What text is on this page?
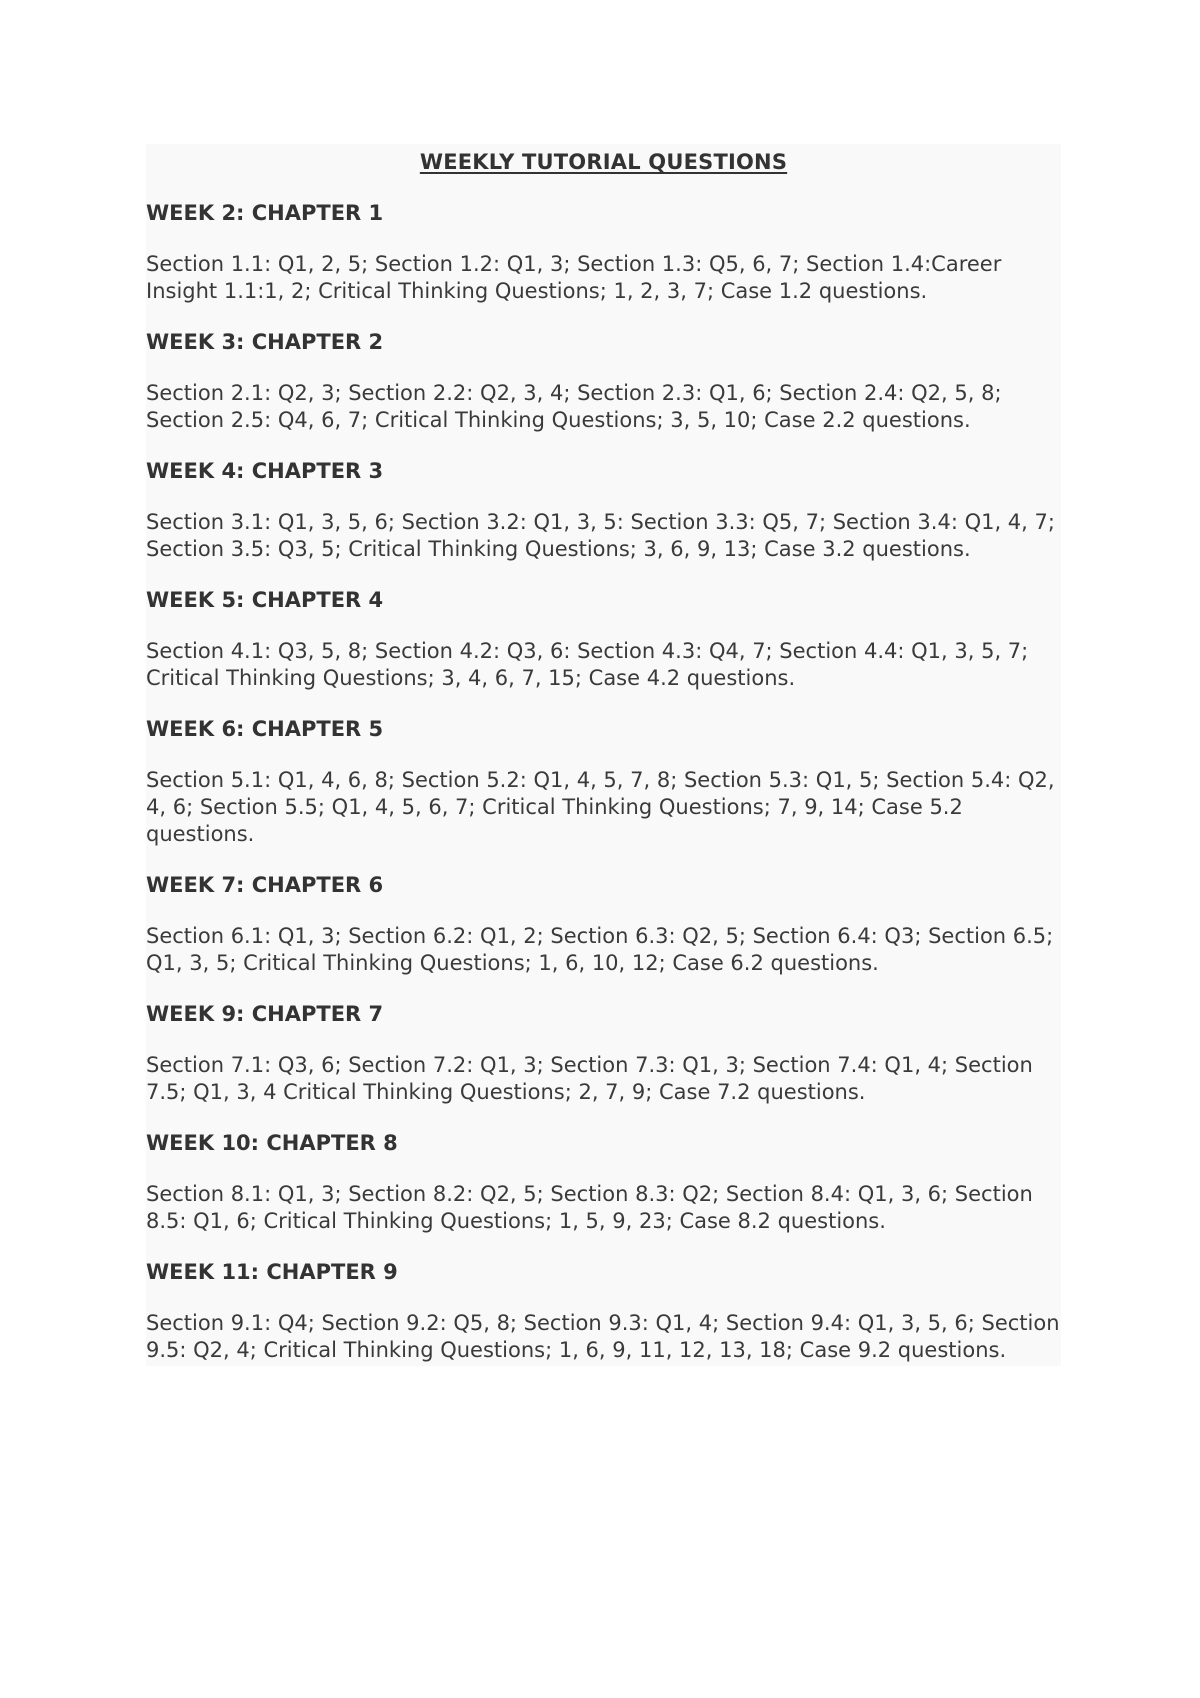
WEEKLY TUTORIAL QUESTIONS
WEEK 2: CHAPTER 1
Section 1.1: Q1, 2, 5; Section 1.2: Q1, 3; Section 1.3: Q5, 6, 7; Section 1.4:Career Insight 1.1:1, 2; Critical Thinking Questions; 1, 2, 3, 7; Case 1.2 questions.
WEEK 3: CHAPTER 2
Section 2.1: Q2, 3; Section 2.2: Q2, 3, 4; Section 2.3: Q1, 6; Section 2.4: Q2, 5, 8; Section 2.5: Q4, 6, 7; Critical Thinking Questions; 3, 5, 10; Case 2.2 questions.
WEEK 4: CHAPTER 3
Section 3.1: Q1, 3, 5, 6; Section 3.2: Q1, 3, 5: Section 3.3: Q5, 7; Section 3.4: Q1, 4, 7; Section 3.5: Q3, 5; Critical Thinking Questions; 3, 6, 9, 13; Case 3.2 questions.
WEEK 5: CHAPTER 4
Section 4.1: Q3, 5, 8; Section 4.2: Q3, 6: Section 4.3: Q4, 7; Section 4.4: Q1, 3, 5, 7; Critical Thinking Questions; 3, 4, 6, 7, 15; Case 4.2 questions.
WEEK 6: CHAPTER 5
Section 5.1: Q1, 4, 6, 8; Section 5.2: Q1, 4, 5, 7, 8; Section 5.3: Q1, 5; Section 5.4: Q2, 4, 6; Section 5.5; Q1, 4, 5, 6, 7; Critical Thinking Questions; 7, 9, 14; Case 5.2 questions.
WEEK 7: CHAPTER 6
Section 6.1: Q1, 3; Section 6.2: Q1, 2; Section 6.3: Q2, 5; Section 6.4: Q3; Section 6.5; Q1, 3, 5; Critical Thinking Questions; 1, 6, 10, 12; Case 6.2 questions.
WEEK 9: CHAPTER 7
Section 7.1: Q3, 6; Section 7.2: Q1, 3; Section 7.3: Q1, 3; Section 7.4: Q1, 4; Section 7.5; Q1, 3, 4 Critical Thinking Questions; 2, 7, 9; Case 7.2 questions.
WEEK 10: CHAPTER 8
Section 8.1: Q1, 3; Section 8.2: Q2, 5; Section 8.3: Q2; Section 8.4: Q1, 3, 6; Section 8.5: Q1, 6; Critical Thinking Questions; 1, 5, 9, 23; Case 8.2 questions.
WEEK 11: CHAPTER 9
Section 9.1: Q4; Section 9.2: Q5, 8; Section 9.3: Q1, 4; Section 9.4: Q1, 3, 5, 6; Section 9.5: Q2, 4; Critical Thinking Questions; 1, 6, 9, 11, 12, 13, 18; Case 9.2 questions.
